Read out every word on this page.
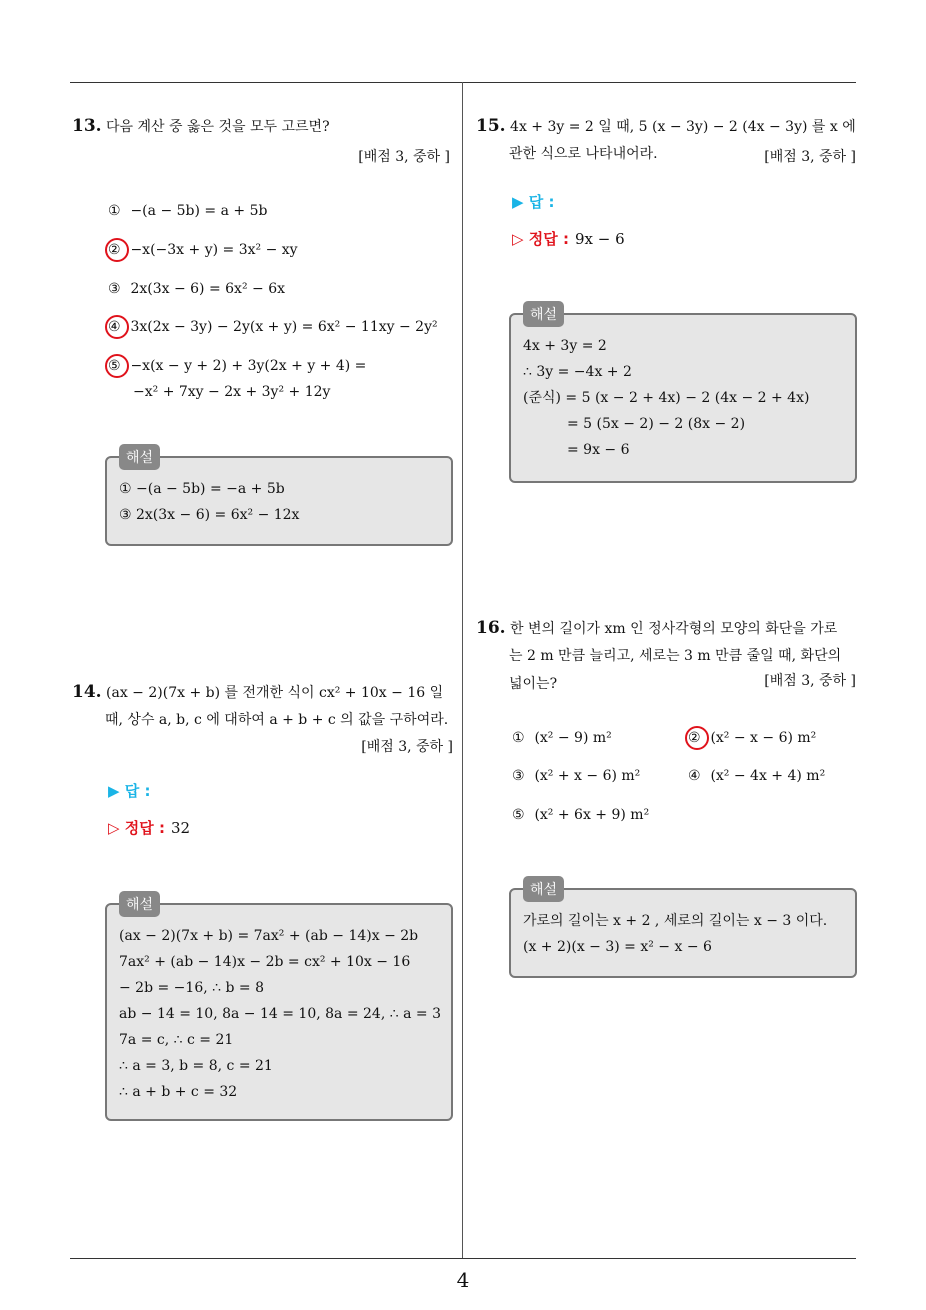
13. 다음 계산 중 옳은 것을 모두 고르면?
[배점 3, 중하 ]
① −(a − 5b) = a + 5b
② −x(−3x + y) = 3x² − xy
③ 2x(3x − 6) = 6x² − 6x
④ 3x(2x − 3y) − 2y(x + y) = 6x² − 11xy − 2y²
⑤ −x(x − y + 2) + 3y(2x + y + 4) =
−x² + 7xy − 2x + 3y² + 12y
해설
① −(a − 5b) = −a + 5b
③ 2x(3x − 6) = 6x² − 12x
14. (ax − 2)(7x + b) 를 전개한 식이 cx² + 10x − 16 일
때, 상수 a, b, c 에 대하여 a + b + c 의 값을 구하여라.
[배점 3, 중하 ]
▶ 답 :
▷ 정답 : 32
해설
(ax − 2)(7x + b) = 7ax² + (ab − 14)x − 2b
7ax² + (ab − 14)x − 2b = cx² + 10x − 16
− 2b = −16, ∴ b = 8
ab − 14 = 10, 8a − 14 = 10, 8a = 24, ∴ a = 3
7a = c, ∴ c = 21
∴ a = 3, b = 8, c = 21
∴ a + b + c = 32
15. 4x + 3y = 2 일 때, 5 (x − 3y) − 2 (4x − 3y) 를 x 에
관한 식으로 나타내어라.	[배점 3, 중하 ]
▶ 답 :
▷ 정답 : 9x − 6
해설
4x + 3y = 2
∴ 3y = −4x + 2
(준식) = 5 (x − 2 + 4x) − 2 (4x − 2 + 4x)
= 5 (5x − 2) − 2 (8x − 2)
= 9x − 6
16. 한 변의 길이가 xm 인 정사각형의 모양의 화단을 가로
는 2 m 만큼 늘리고, 세로는 3 m 만큼 줄일 때, 화단의
넓이는?	[배점 3, 중하 ]
① (x² − 9) m²	② (x² − x − 6) m²
③ (x² + x − 6) m²	④ (x² − 4x + 4) m²
⑤ (x² + 6x + 9) m²
해설
가로의 길이는 x + 2 , 세로의 길이는 x − 3 이다.
(x + 2)(x − 3) = x² − x − 6
4
